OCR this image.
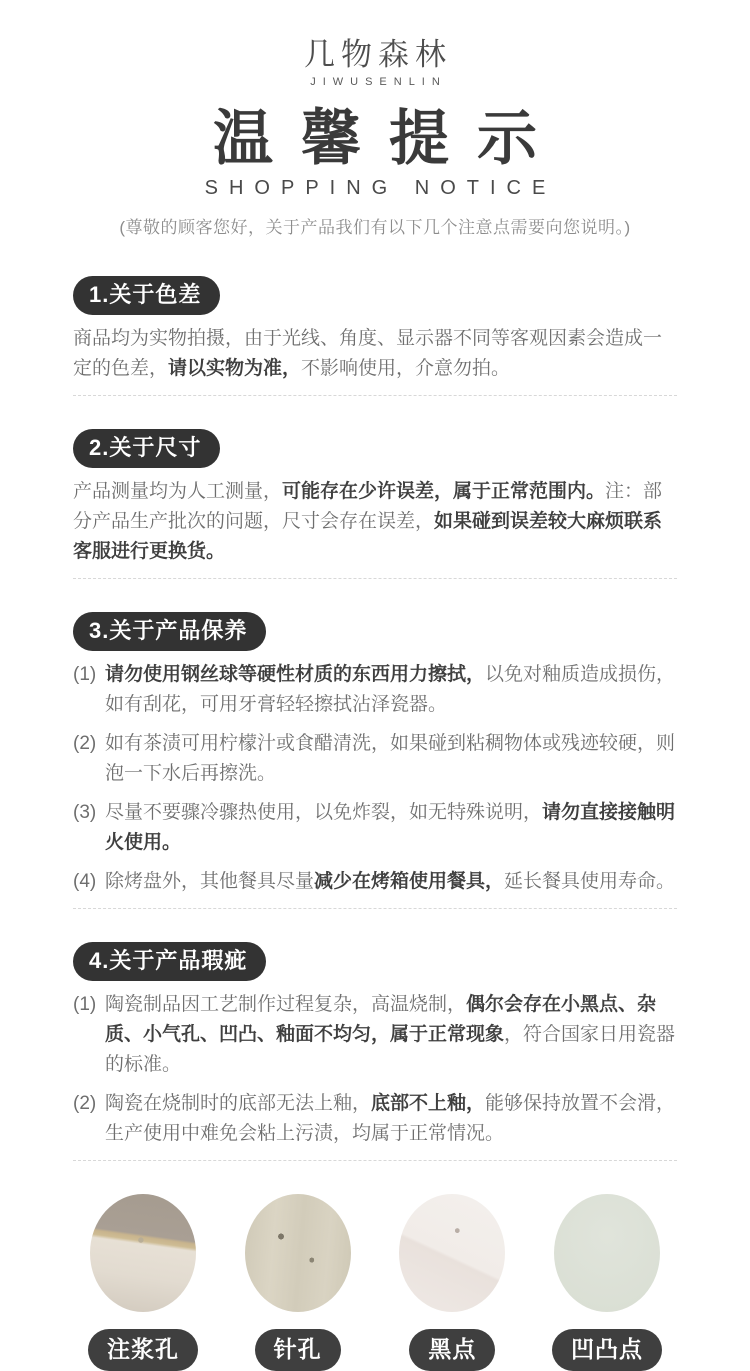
几物森林
JIWUSENLIN
温馨提示
SHOPPING NOTICE

(尊敬的顾客您好，关于产品我们有以下几个注意点需要向您说明。)

1.关于色差
商品均为实物拍摄，由于光线、角度、显示器不同等客观因素会造成一定的色差，请以实物为准，不影响使用，介意勿拍。
2.关于尺寸
产品测量均为人工测量，可能存在少许误差，属于正常范围内。注：部分产品生产批次的问题，尺寸会存在误差，如果碰到误差较大麻烦联系客服进行更换货。
3.关于产品保养
(1) 请勿使用钢丝球等硬性材质的东西用力擦拭，以免对釉质造成损伤，如有刮花，可用牙膏轻轻擦拭沾泽瓷器。
(2) 如有茶渍可用柠檬汁或食醋清洗，如果碰到粘稠物体或残迹较硬，则泡一下水后再擦洗。
(3) 尽量不要骤冷骤热使用，以免炸裂，如无特殊说明，请勿直接接触明火使用。
(4) 除烤盘外，其他餐具尽量减少在烤箱使用餐具，延长餐具使用寿命。
4.关于产品瑕疵
(1) 陶瓷制品因工艺制作过程复杂，高温烧制，偶尔会存在小黑点、杂质、小气孔、凹凸、釉面不均匀，属于正常现象，符合国家日用瓷器的标准。
(2) 陶瓷在烧制时的底部无法上釉，底部不上釉，能够保持放置不会滑，生产使用中难免会粘上污渍，均属于正常情况。
注浆孔	针孔	黑点	凹凸点
